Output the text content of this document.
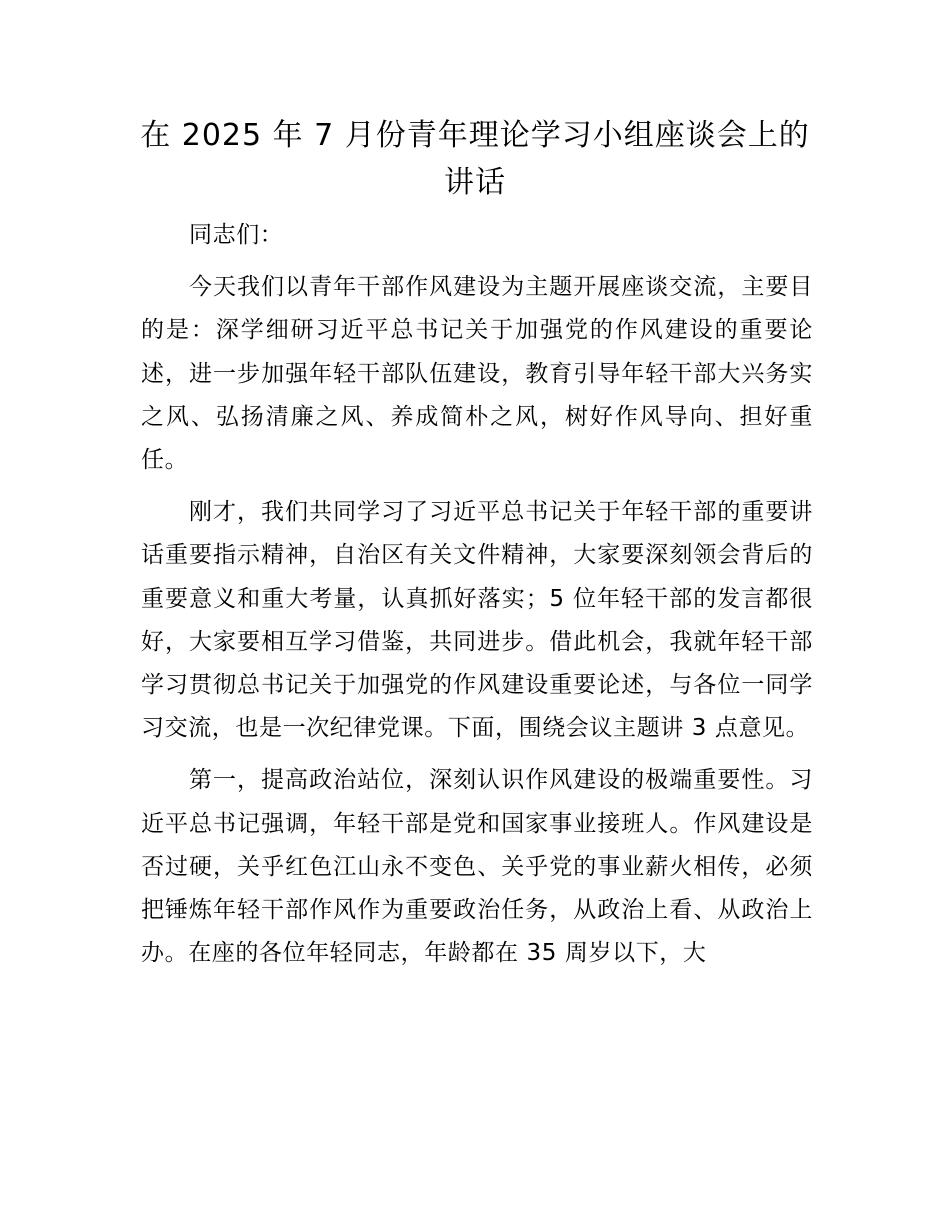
在 2025 年 7 月份青年理论学习小组座谈会上的讲话

同志们：

今天我们以青年干部作风建设为主题开展座谈交流，主要目的是：深学细研习近平总书记关于加强党的作风建设的重要论述，进一步加强年轻干部队伍建设，教育引导年轻干部大兴务实之风、弘扬清廉之风、养成简朴之风，树好作风导向、担好重任。

刚才，我们共同学习了习近平总书记关于年轻干部的重要讲话重要指示精神，自治区有关文件精神，大家要深刻领会背后的重要意义和重大考量，认真抓好落实；5 位年轻干部的发言都很好，大家要相互学习借鉴，共同进步。借此机会，我就年轻干部学习贯彻总书记关于加强党的作风建设重要论述，与各位一同学习交流，也是一次纪律党课。下面，围绕会议主题讲 3 点意见。

第一，提高政治站位，深刻认识作风建设的极端重要性。习近平总书记强调，年轻干部是党和国家事业接班人。作风建设是否过硬，关乎红色江山永不变色、关乎党的事业薪火相传，必须把锤炼年轻干部作风作为重要政治任务，从政治上看、从政治上办。在座的各位年轻同志，年龄都在 35 周岁以下，大
